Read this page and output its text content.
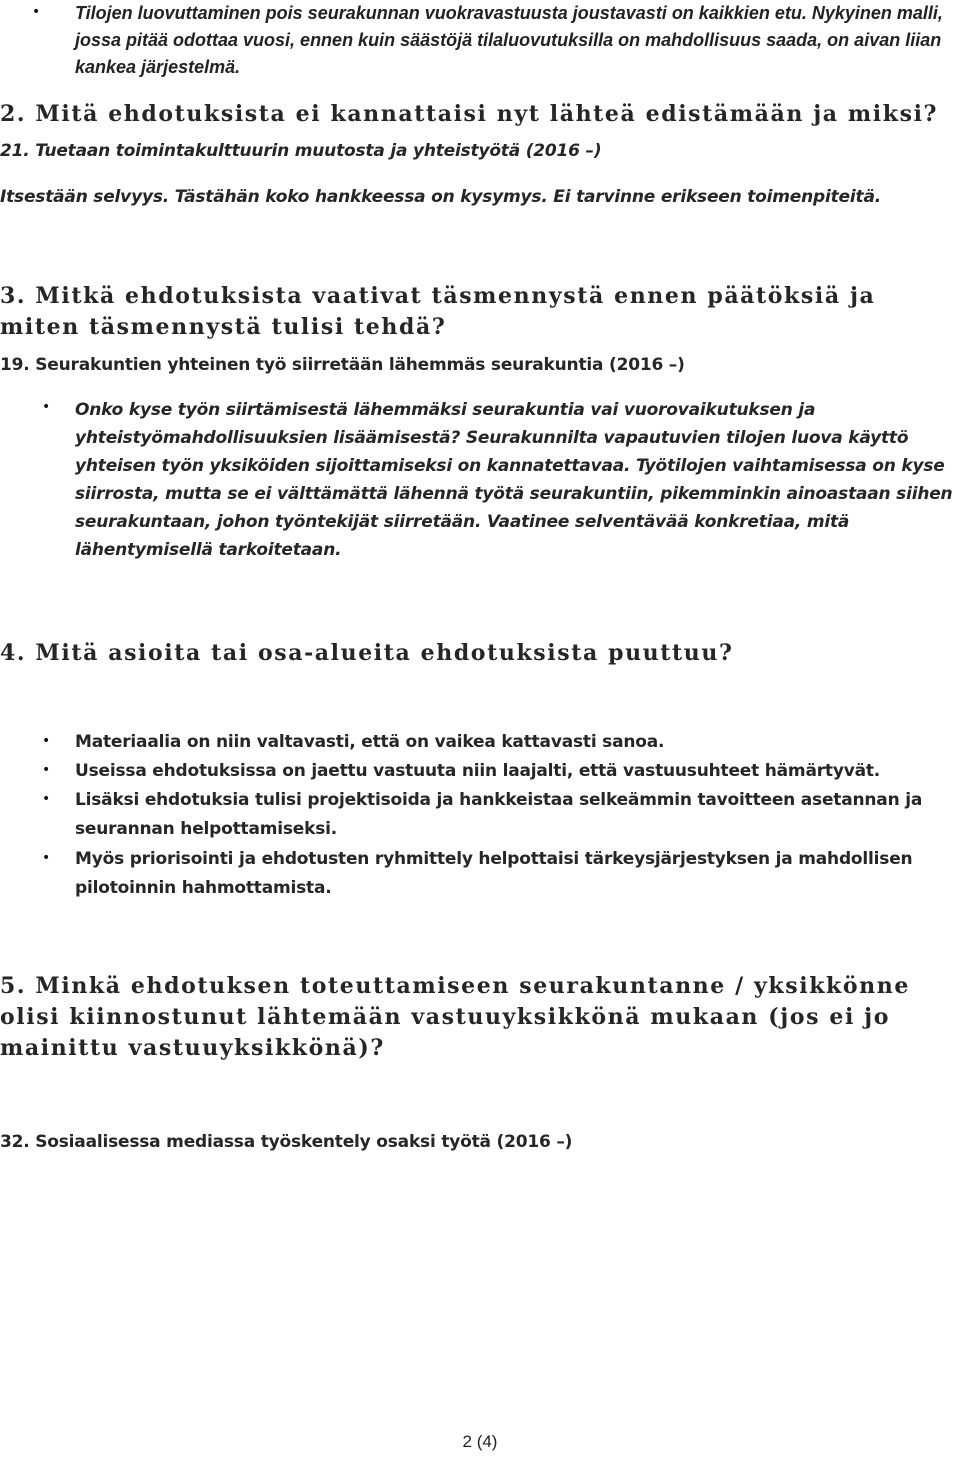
• Tilojen luovuttaminen pois seurakunnan vuokravastuusta joustavasti on kaikkien etu. Nykyinen malli, jossa pitää odottaa vuosi, ennen kuin säästöjä tilaluovutuksilla on mahdollisuus saada, on aivan liian kankea järjestelmä.
2. Mitä ehdotuksista ei kannattaisi nyt lähteä edistämään ja miksi?
21. Tuetaan toimintakulttuurin muutosta ja yhteistyötä (2016 –)
Itsestään selvyys. Tästähän koko hankkeessa on kysymys. Ei tarvinne erikseen toimenpiteitä.
3. Mitkä ehdotuksista vaativat täsmennystä ennen päätöksiä ja miten täsmennystä tulisi tehdä?
19. Seurakuntien yhteinen työ siirretään lähemmäs seurakuntia (2016 –)
• Onko kyse työn siirtämisestä lähemmäksi seurakuntia vai vuorovaikutuksen ja yhteistyömahdollisuuksien lisäämisestä? Seurakunnilta vapautuvien tilojen luova käyttö yhteisen työn yksiköiden sijoittamiseksi on kannatettavaa. Työtilojen vaihtamisessa on kyse siirrosta, mutta se ei välttämättä lähennä työtä seurakuntiin, pikemminkin ainoastaan siihen seurakuntaan, johon työntekijät siirretään. Vaatinee selventävää konkretiaa, mitä lähentymisellä tarkoitetaan.
4. Mitä asioita tai osa-alueita ehdotuksista puuttuu?
• Materiaalia on niin valtavasti, että on vaikea kattavasti sanoa.
• Useissa ehdotuksissa on jaettu vastuuta niin laajalti, että vastuusuhteet hämärtyvät.
• Lisäksi ehdotuksia tulisi projektisoida ja hankkeistaa selkeämmin tavoitteen asetannan ja seurannan helpottamiseksi.
• Myös priorisointi ja ehdotusten ryhmittely helpottaisi tärkeysjärjestyksen ja mahdollisen pilotoinnin hahmottamista.
5. Minkä ehdotuksen toteuttamiseen seurakuntanne / yksikkönne olisi kiinnostunut lähtemään vastuuyksikkönä mukaan (jos ei jo mainittu vastuuyksikkönä)?
32. Sosiaalisessa mediassa työskentely osaksi työtä (2016 –)
2 (4)
